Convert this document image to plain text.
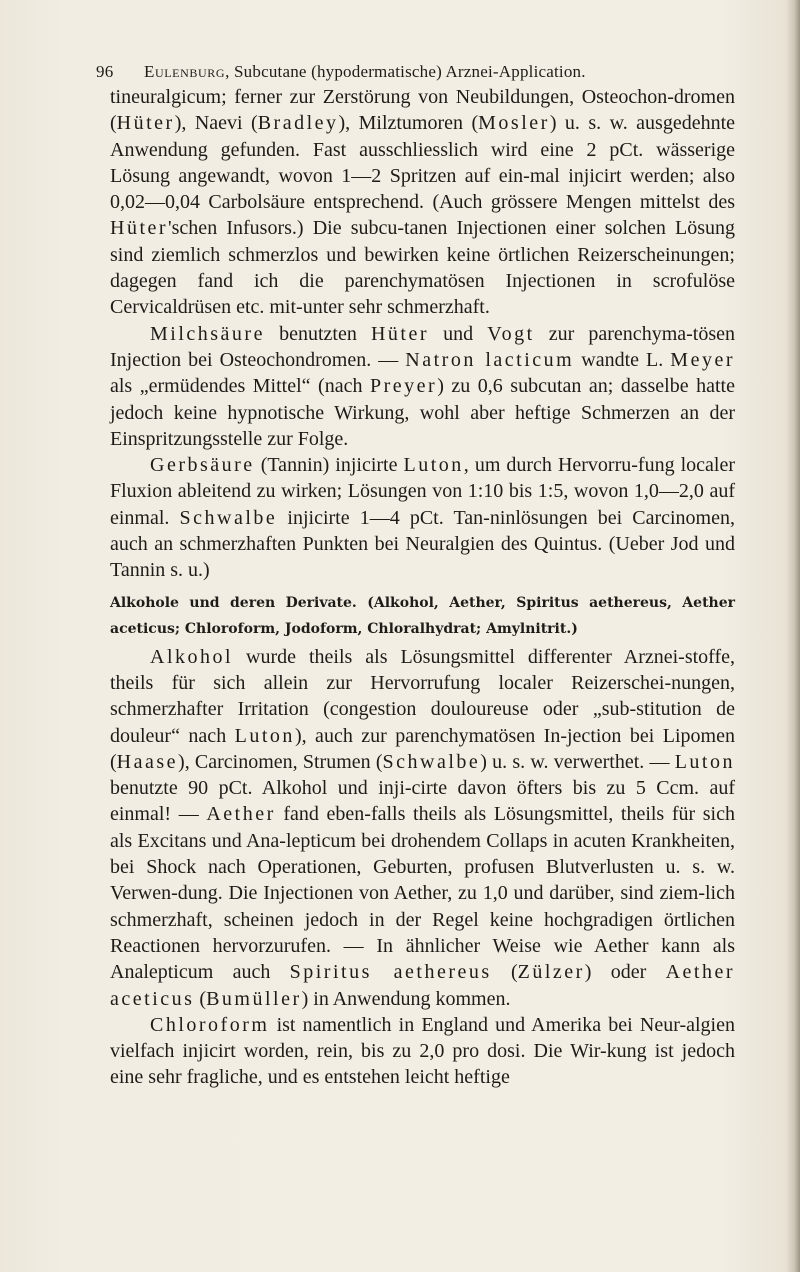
96 Eulenburg, Subcutane (hypodermatische) Arznei-Application.

tineuralgicum; ferner zur Zerstörung von Neubildungen, Osteochon-dromen (Hüter), Naevi (Bradley), Milztumoren (Mosler) u. s. w. ausgedehnte Anwendung gefunden. Fast ausschliesslich wird eine 2 pCt. wässerige Lösung angewandt, wovon 1—2 Spritzen auf ein-mal injicirt werden; also 0,02—0,04 Carbolsäure entsprechend. (Auch grössere Mengen mittelst des Hüter'schen Infusors.) Die subcu-tanen Injectionen einer solchen Lösung sind ziemlich schmerzlos und bewirken keine örtlichen Reizerscheinungen; dagegen fand ich die parenchymatösen Injectionen in scrofulöse Cervicaldrüsen etc. mit-unter sehr schmerzhaft.

Milchsäure benutzten Hüter und Vogt zur parenchyma-tösen Injection bei Osteochondromen. — Natron lacticum wandte L. Meyer als „ermüdendes Mittel“ (nach Preyer) zu 0,6 subcutan an; dasselbe hatte jedoch keine hypnotische Wirkung, wohl aber heftige Schmerzen an der Einspritzungsstelle zur Folge.

Gerbsäure (Tannin) injicirte Luton, um durch Hervorru-fung localer Fluxion ableitend zu wirken; Lösungen von 1:10 bis 1:5, wovon 1,0—2,0 auf einmal. Schwalbe injicirte 1—4 pCt. Tan-ninlösungen bei Carcinomen, auch an schmerzhaften Punkten bei Neuralgien des Quintus. (Ueber Jod und Tannin s. u.)

Alkohole und deren Derivate. (Alkohol, Aether, Spiritus aethereus, Aether aceticus; Chloroform, Jodoform, Chloralhydrat; Amylnitrit.)

Alkohol wurde theils als Lösungsmittel differenter Arznei-stoffe, theils für sich allein zur Hervorrufung localer Reizerschei-nungen, schmerzhafter Irritation (congestion douloureuse oder „sub-stitution de douleur“ nach Luton), auch zur parenchymatösen In-jection bei Lipomen (Haase), Carcinomen, Strumen (Schwalbe) u. s. w. verwerthet. — Luton benutzte 90 pCt. Alkohol und inji-cirte davon öfters bis zu 5 Ccm. auf einmal! — Aether fand eben-falls theils als Lösungsmittel, theils für sich als Excitans und Ana-lepticum bei drohendem Collaps in acuten Krankheiten, bei Shock nach Operationen, Geburten, profusen Blutverlusten u. s. w. Verwen-dung. Die Injectionen von Aether, zu 1,0 und darüber, sind ziem-lich schmerzhaft, scheinen jedoch in der Regel keine hochgradigen örtlichen Reactionen hervorzurufen. — In ähnlicher Weise wie Aether kann als Analepticum auch Spiritus aethereus (Zülzer) oder Aether aceticus (Bumüller) in Anwendung kommen.

Chloroform ist namentlich in England und Amerika bei Neur-algien vielfach injicirt worden, rein, bis zu 2,0 pro dosi. Die Wir-kung ist jedoch eine sehr fragliche, und es entstehen leicht heftige
